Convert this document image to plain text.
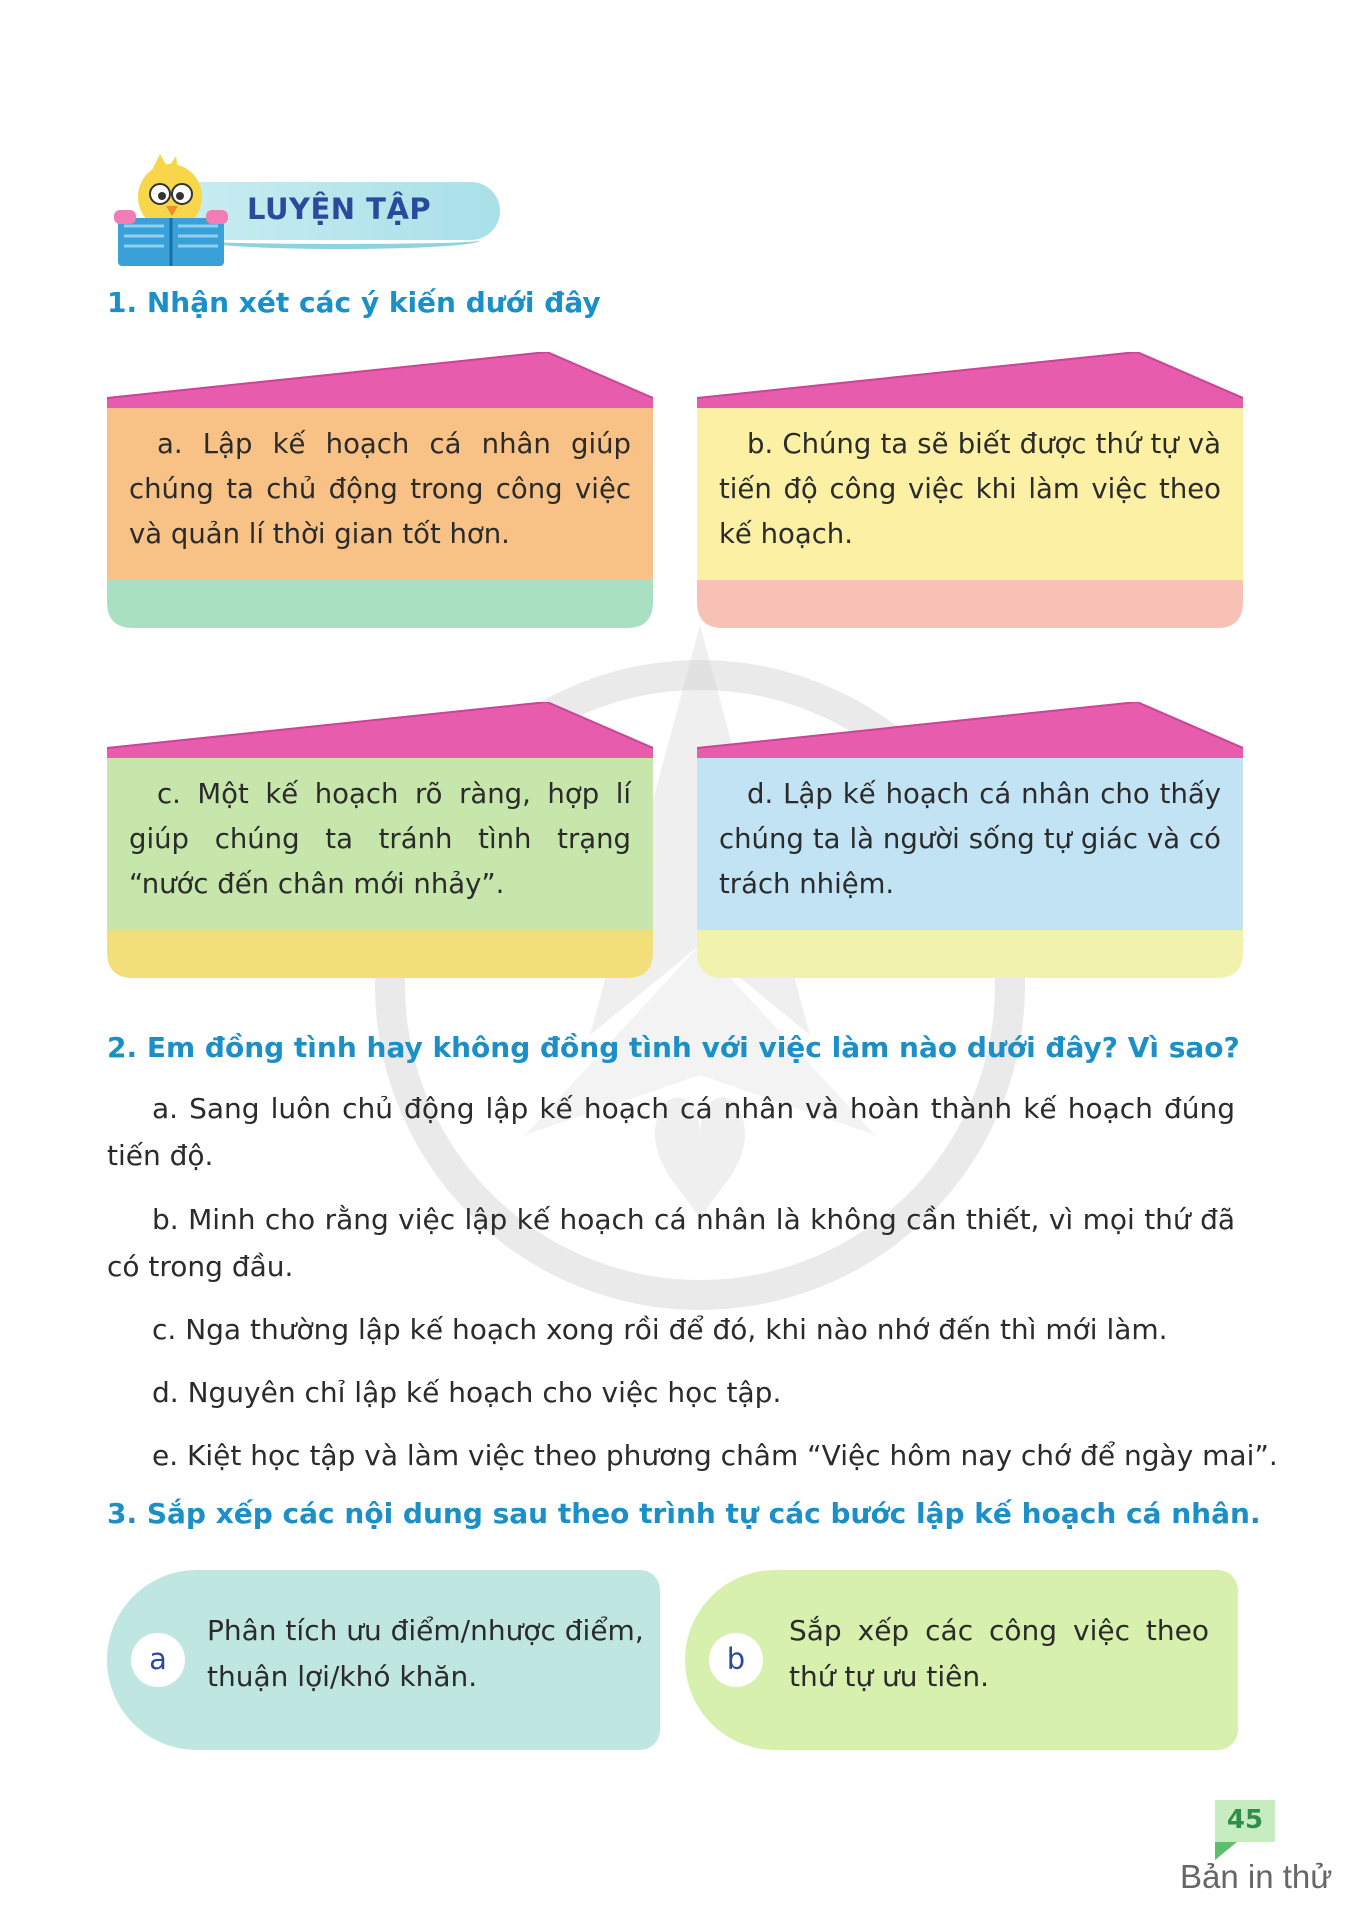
LUYỆN TẬP
1. Nhận xét các ý kiến dưới đây
a. Lập kế hoạch cá nhân giúp chúng ta chủ động trong công việc và quản lí thời gian tốt hơn.
b. Chúng ta sẽ biết được thứ tự và tiến độ công việc khi làm việc theo kế hoạch.
c. Một kế hoạch rõ ràng, hợp lí giúp chúng ta tránh tình trạng “nước đến chân mới nhảy”.
d. Lập kế hoạch cá nhân cho thấy chúng ta là người sống tự giác và có trách nhiệm.
2. Em đồng tình hay không đồng tình với việc làm nào dưới đây? Vì sao?
a. Sang luôn chủ động lập kế hoạch cá nhân và hoàn thành kế hoạch đúng tiến độ.
b. Minh cho rằng việc lập kế hoạch cá nhân là không cần thiết, vì mọi thứ đã có trong đầu.
c. Nga thường lập kế hoạch xong rồi để đó, khi nào nhớ đến thì mới làm.
d. Nguyên chỉ lập kế hoạch cho việc học tập.
e. Kiệt học tập và làm việc theo phương châm “Việc hôm nay chớ để ngày mai”.
3. Sắp xếp các nội dung sau theo trình tự các bước lập kế hoạch cá nhân.
a
Phân tích ưu điểm/nhược điểm, thuận lợi/khó khăn.
b
Sắp xếp các công việc theo thứ tự ưu tiên.
45
Bản in thử
